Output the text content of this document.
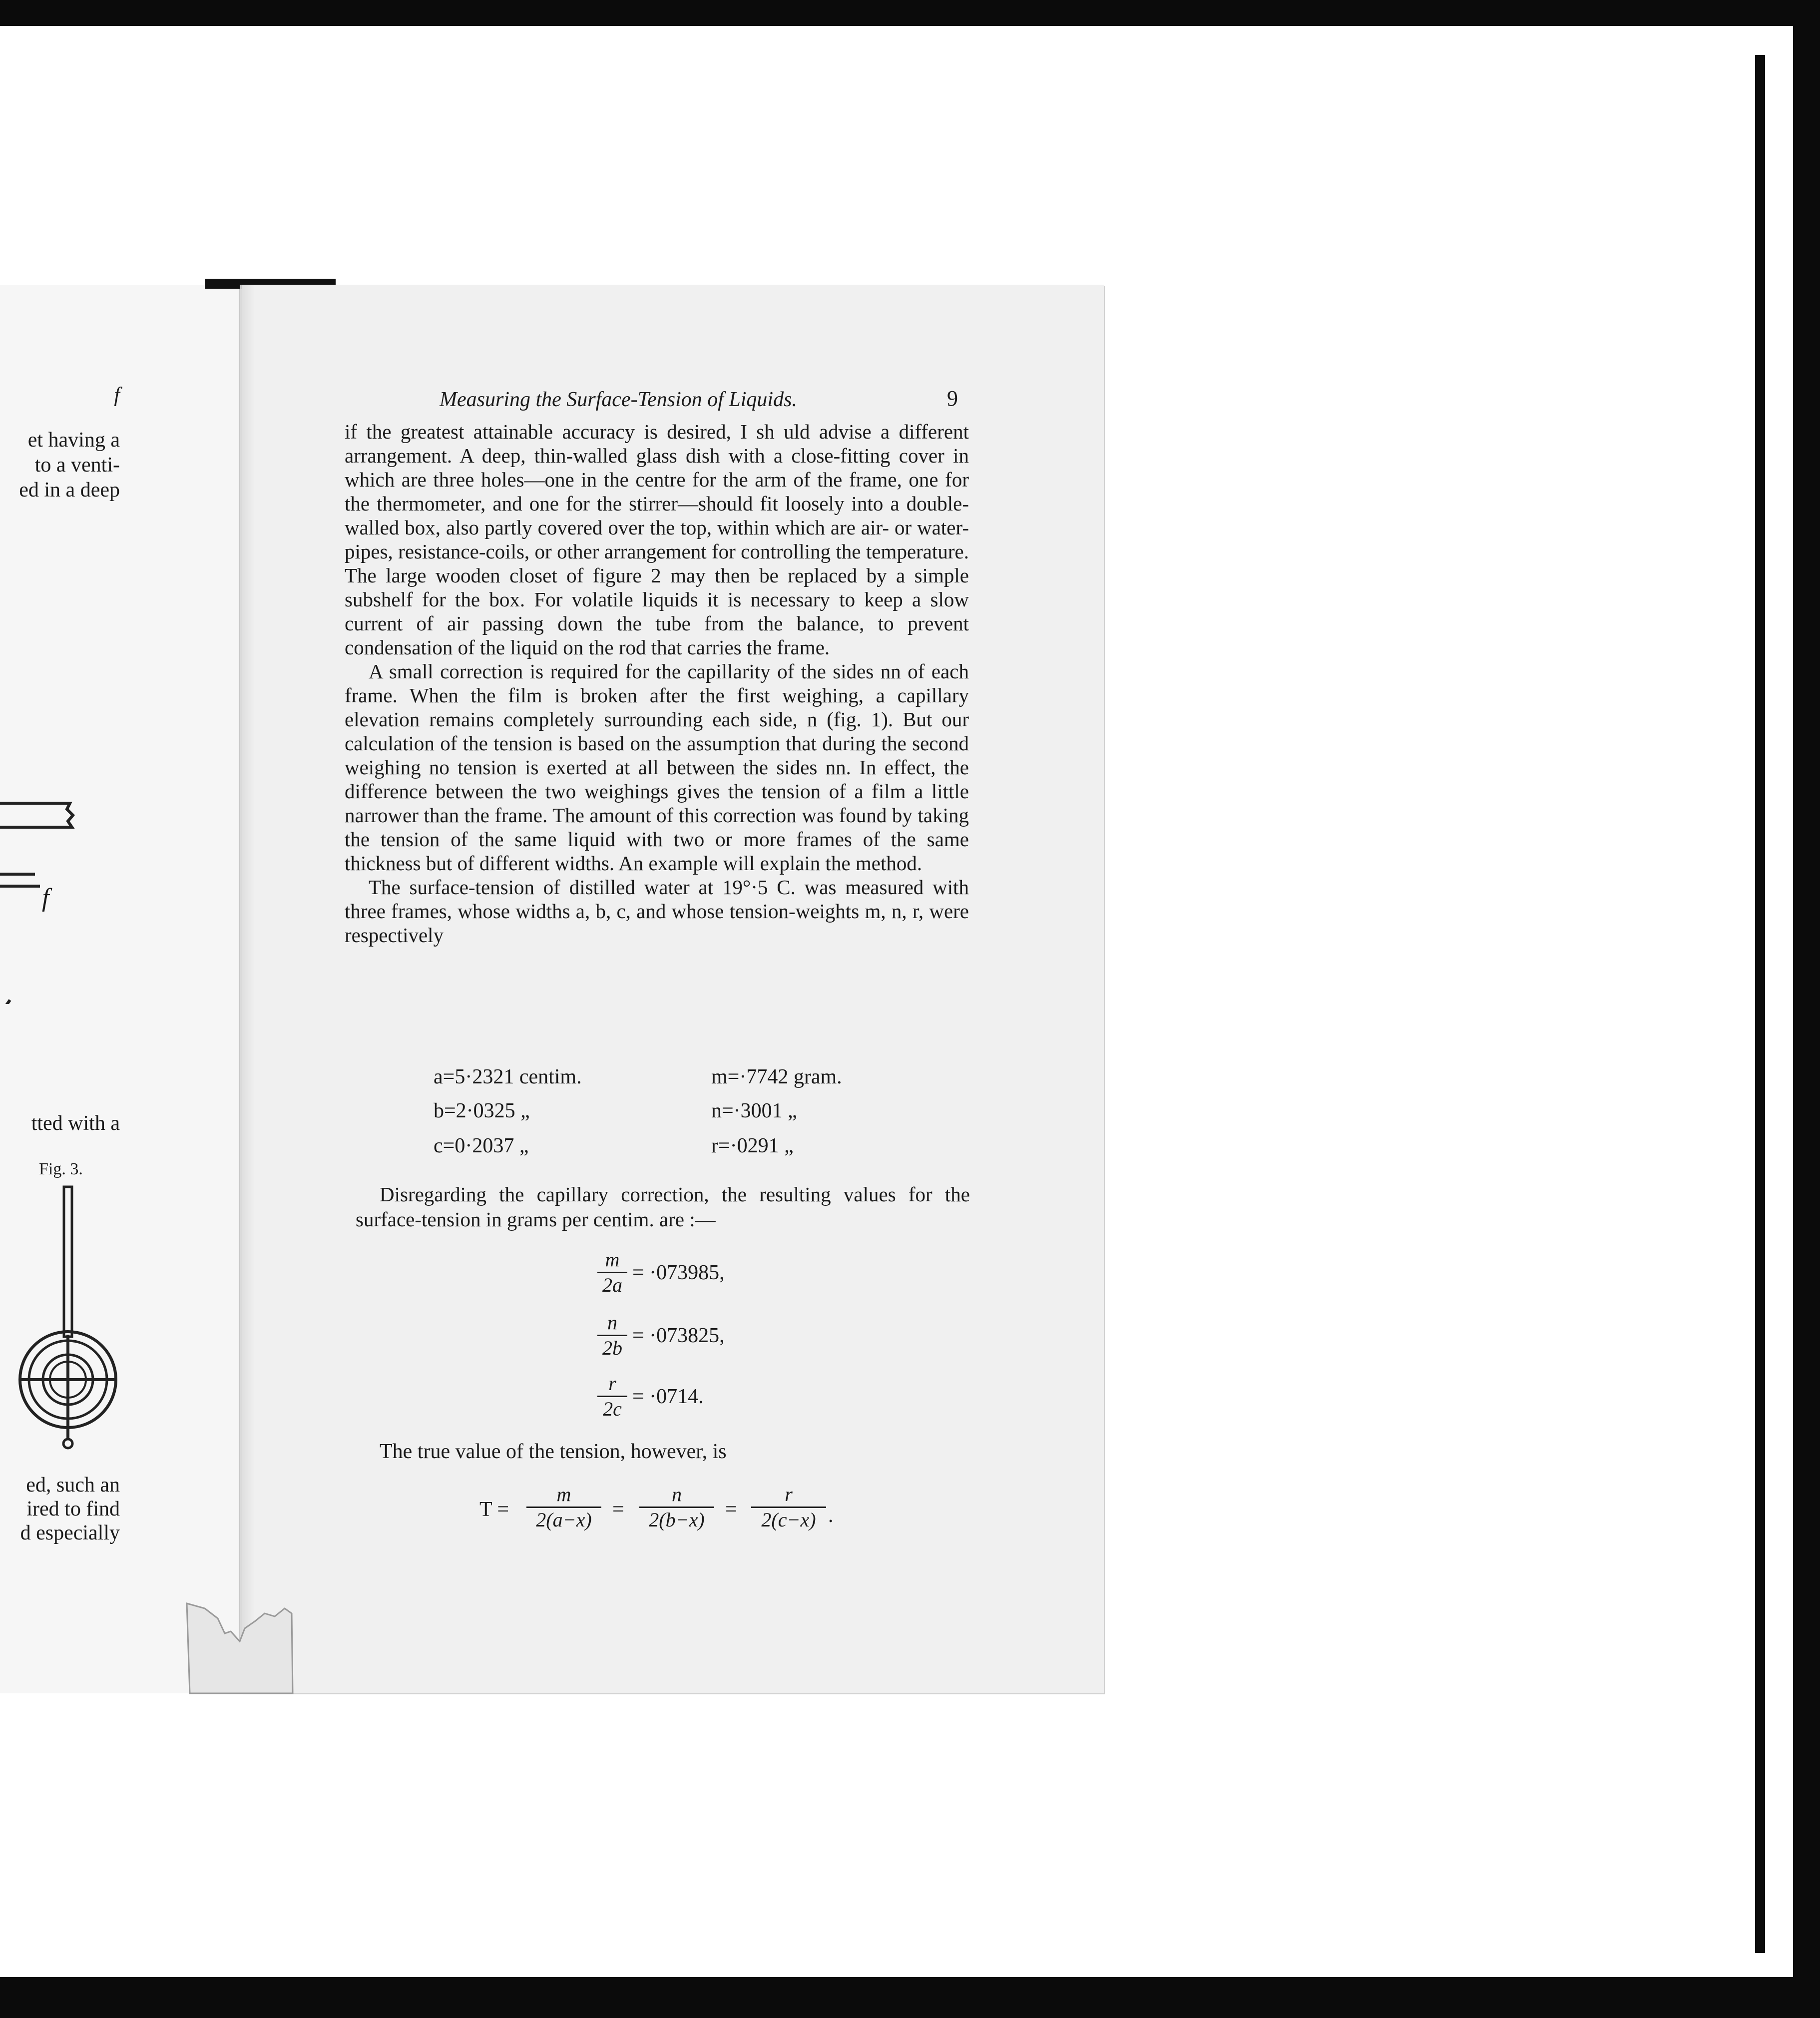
f
et having a
to a venti-
ed in a deep
f
tted with a
Fig. 3.
ed, such an
ired to find
d especially
Measuring the Surface-Tension of Liquids.	9

if the greatest attainable accuracy is desired, I sh uld advise a different arrangement. A deep, thin-walled glass dish with a close-fitting cover in which are three holes—one in the centre for the arm of the frame, one for the thermometer, and one for the stirrer—should fit loosely into a double-walled box, also partly covered over the top, within which are air- or water-pipes, resistance-coils, or other arrangement for controlling the temperature. The large wooden closet of figure 2 may then be replaced by a simple subshelf for the box. For volatile liquids it is necessary to keep a slow current of air passing down the tube from the balance, to prevent condensation of the liquid on the rod that carries the frame.

A small correction is required for the capillarity of the sides nn of each frame. When the film is broken after the first weighing, a capillary elevation remains completely surrounding each side, n (fig. 1). But our calculation of the tension is based on the assumption that during the second weighing no tension is exerted at all between the sides nn. In effect, the difference between the two weighings gives the tension of a film a little narrower than the frame. The amount of this correction was found by taking the tension of the same liquid with two or more frames of the same thickness but of different widths. An example will explain the method.

The surface-tension of distilled water at 19°·5 C. was measured with three frames, whose widths a, b, c, and whose tension-weights m, n, r, were respectively

a=5·2321 centim.	m=·7742 gram.
b=2·0325 „	n=·3001 „
c=0·2037 „	r=·0291 „
Disregarding the capillary correction, the resulting values for the surface-tension in grams per centim. are :—
m
2a
= ·073985,
n
2b
= ·073825,
r
2c
= ·0714.
The true value of the tension, however, is
T =
m
2(a−x) =
n
2(b−x) =
r
2(c−x) .
